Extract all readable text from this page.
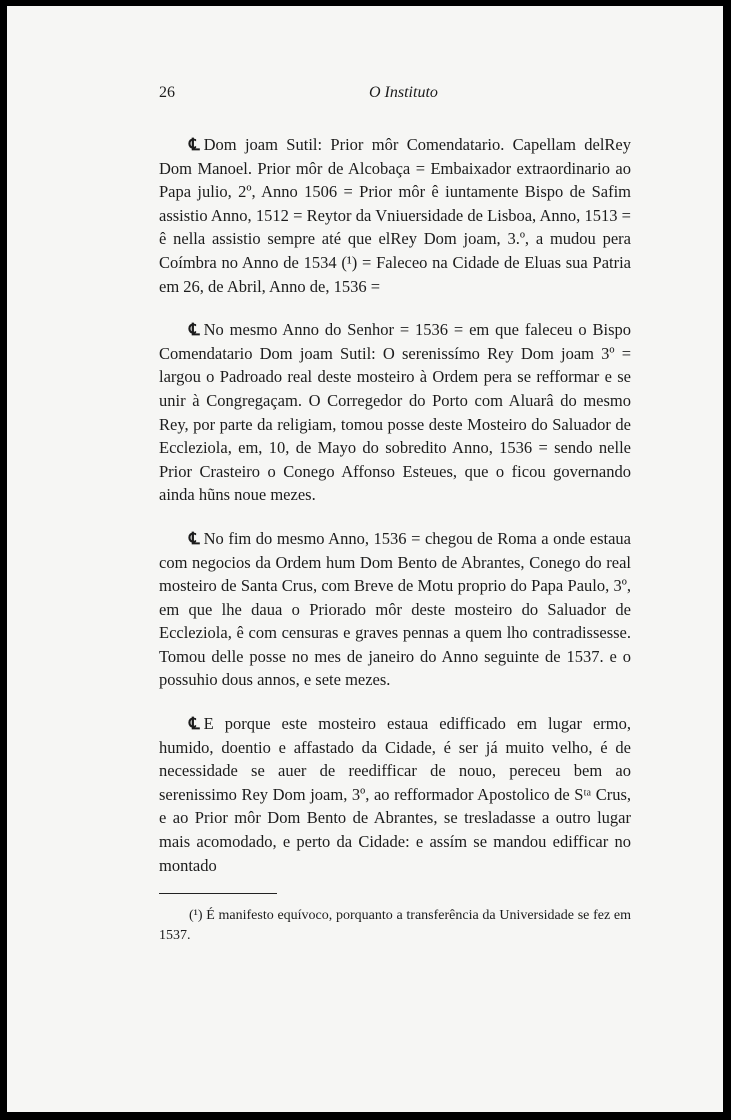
26	O Instituto

℄ Dom joam Sutil: Prior môr Comendatario. Capellam delRey Dom Manoel. Prior môr de Alcobaça = Embaixador extraordinario ao Papa julio, 2º, Anno 1506 = Prior môr ê iuntamente Bispo de Safim assistio Anno, 1512 = Reytor da Vniuersidade de Lisboa, Anno, 1513 = ê nella assistio sempre até que elRey Dom joam, 3.º, a mudou pera Coímbra no Anno de 1534 (¹) = Faleceo na Cidade de Eluas sua Patria em 26, de Abril, Anno de, 1536 =

℄ No mesmo Anno do Senhor = 1536 = em que faleceu o Bispo Comendatario Dom joam Sutil: O serenissímo Rey Dom joam 3º = largou o Padroado real deste mosteiro à Ordem pera se refformar e se unir à Congregaçam. O Corregedor do Porto com Aluarâ do mesmo Rey, por parte da religiam, tomou posse deste Mosteiro do Saluador de Eccleziola, em, 10, de Mayo do sobredito Anno, 1536 = sendo nelle Prior Crasteiro o Conego Affonso Esteues, que o ficou governando ainda hũns noue mezes.

℄ No fim do mesmo Anno, 1536 = chegou de Roma a onde estaua com negocios da Ordem hum Dom Bento de Abrantes, Conego do real mosteiro de Santa Crus, com Breve de Motu proprio do Papa Paulo, 3º, em que lhe daua o Priorado môr deste mosteiro do Saluador de Eccleziola, ê com censuras e graves pennas a quem lho contradissesse. Tomou delle posse no mes de janeiro do Anno seguinte de 1537. e o possuhio dous annos, e sete mezes.

℄ E porque este mosteiro estaua edifficado em lugar ermo, humido, doentio e affastado da Cidade, é ser já muito velho, é de necessidade se auer de reedifficar de nouo, pereceu bem ao serenissimo Rey Dom joam, 3º, ao refformador Apostolico de Sᵗᵃ Crus, e ao Prior môr Dom Bento de Abrantes, se tresladasse a outro lugar mais acomodado, e perto da Cidade: e assím se mandou edifficar no montado

(¹) É manifesto equívoco, porquanto a transferência da Universidade se fez em 1537.
